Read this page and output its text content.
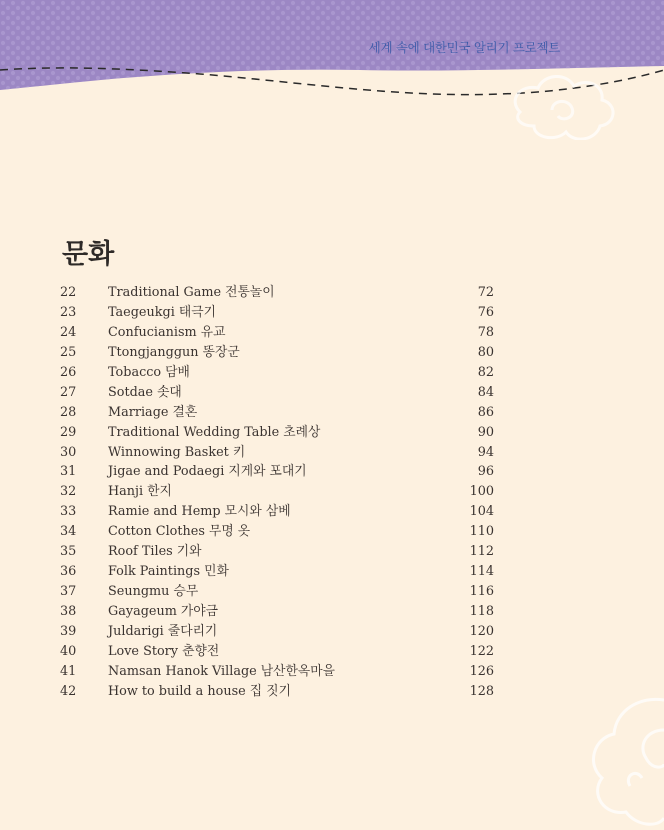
세계 속에 대한민국 알리기 프로젝트
문화
22	Traditional Game 전통놀이	72
23	Taegeukgi 태극기	76
24	Confucianism 유교	78
25	Ttongjanggun 똥장군	80
26	Tobacco 담배	82
27	Sotdae 솟대	84
28	Marriage 결혼	86
29	Traditional Wedding Table 초례상	90
30	Winnowing Basket 키	94
31	Jigae and Podaegi 지게와 포대기	96
32	Hanji 한지	100
33	Ramie and Hemp 모시와 삼베	104
34	Cotton Clothes 무명 옷	110
35	Roof Tiles 기와	112
36	Folk Paintings 민화	114
37	Seungmu 승무	116
38	Gayageum 가야금	118
39	Juldarigi 줄다리기	120
40	Love Story 춘향전	122
41	Namsan Hanok Village 남산한옥마을	126
42	How to build a house 집 짓기	128
